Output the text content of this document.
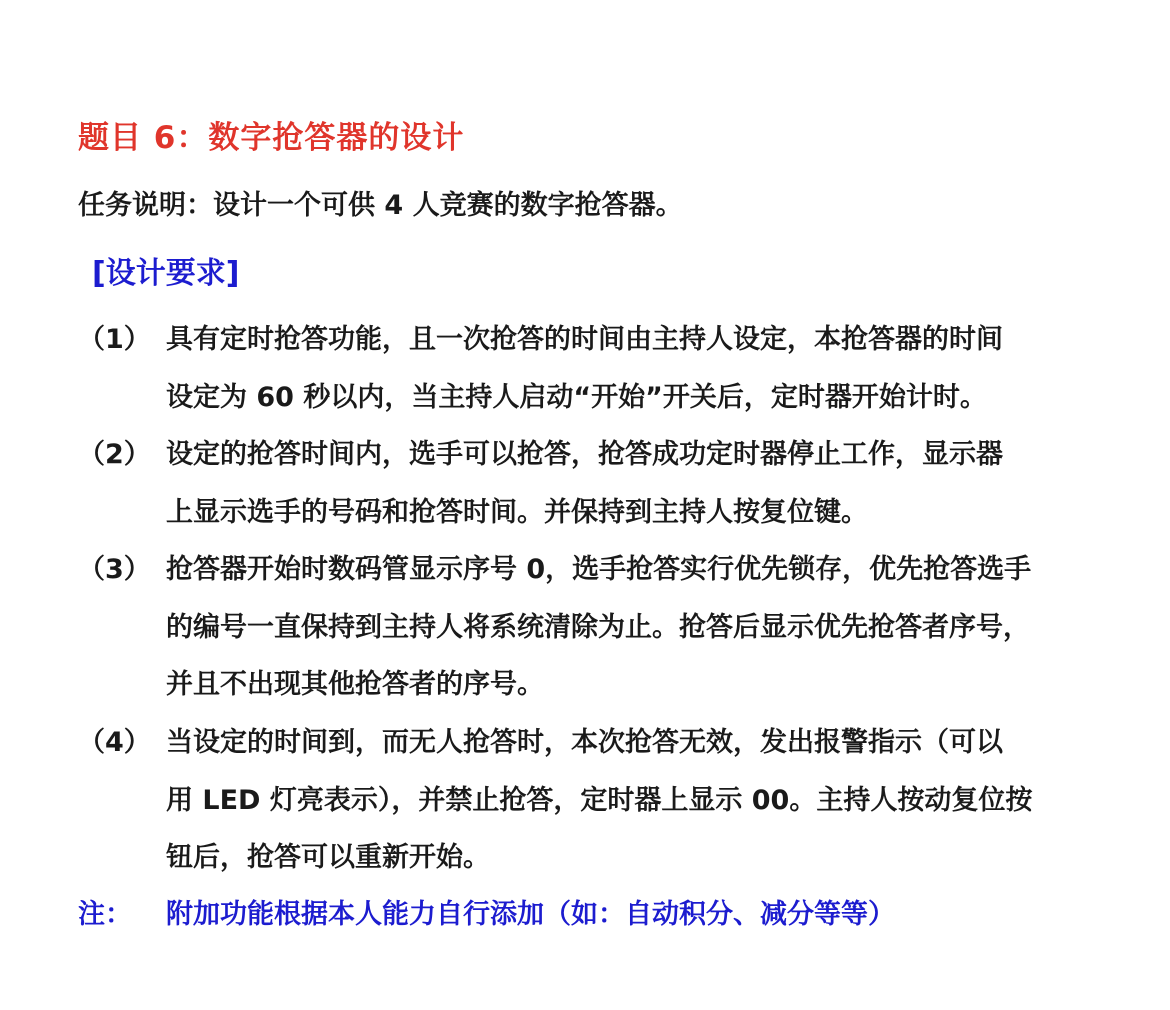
题目 6：数字抢答器的设计
任务说明：设计一个可供 4 人竞赛的数字抢答器。
[设计要求]
（1） 具有定时抢答功能，且一次抢答的时间由主持人设定，本抢答器的时间
设定为 60 秒以内，当主持人启动“开始”开关后，定时器开始计时。
（2） 设定的抢答时间内，选手可以抢答，抢答成功定时器停止工作，显示器
上显示选手的号码和抢答时间。并保持到主持人按复位键。
（3） 抢答器开始时数码管显示序号 0，选手抢答实行优先锁存，优先抢答选手
的编号一直保持到主持人将系统清除为止。抢答后显示优先抢答者序号，
并且不出现其他抢答者的序号。
（4） 当设定的时间到，而无人抢答时，本次抢答无效，发出报警指示（可以
用 LED 灯亮表示），并禁止抢答，定时器上显示 00。主持人按动复位按
钮后，抢答可以重新开始。
注： 附加功能根据本人能力自行添加（如：自动积分、减分等等）
